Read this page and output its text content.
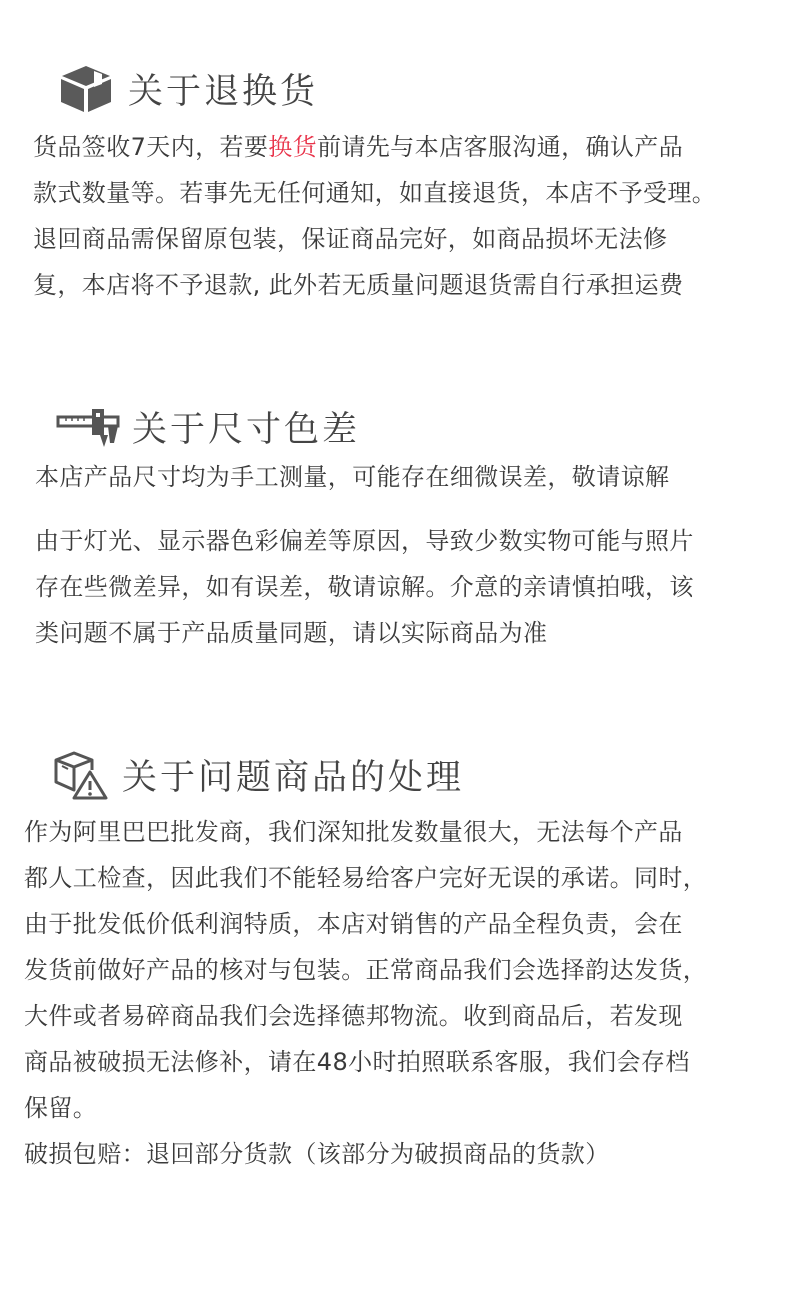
关于退换货
货品签收7天内，若要换货前请先与本店客服沟通，确认产品
款式数量等。若事先无任何通知，如直接退货，本店不予受理。
退回商品需保留原包装，保证商品完好，如商品损坏无法修
复，本店将不予退款, 此外若无质量问题退货需自行承担运费
关于尺寸色差
本店产品尺寸均为手工测量，可能存在细微误差，敬请谅解
由于灯光、显示器色彩偏差等原因，导致少数实物可能与照片
存在些微差异，如有误差，敬请谅解。介意的亲请慎拍哦，该
类问题不属于产品质量同题，请以实际商品为准
关于问题商品的处理
作为阿里巴巴批发商，我们深知批发数量很大，无法每个产品
都人工检查，因此我们不能轻易给客户完好无误的承诺。同时，
由于批发低价低利润特质，本店对销售的产品全程负责，会在
发货前做好产品的核对与包装。正常商品我们会选择韵达发货，
大件或者易碎商品我们会选择德邦物流。收到商品后，若发现
商品被破损无法修补，请在48小时拍照联系客服，我们会存档
保留。
破损包赔：退回部分货款（该部分为破损商品的货款）
